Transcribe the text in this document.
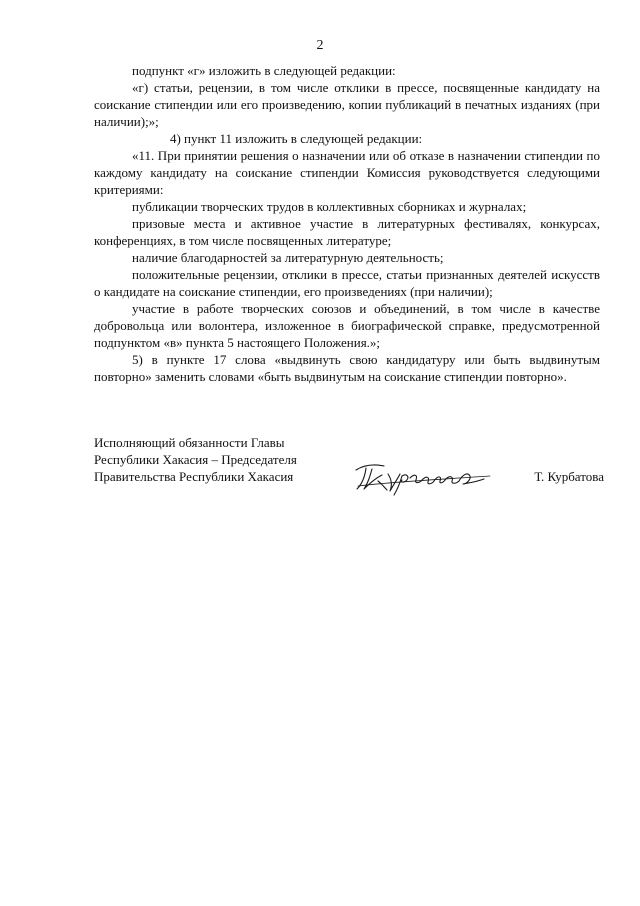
2

подпункт «г» изложить в следующей редакции:

«г) статьи, рецензии, в том числе отклики в прессе, посвященные кандидату на соискание стипендии или его произведению, копии публикаций в печатных изданиях (при наличии);»;

4) пункт 11 изложить в следующей редакции:

«11. При принятии решения о назначении или об отказе в назначении стипендии по каждому кандидату на соискание стипендии Комиссия руководствуется следующими критериями:

публикации творческих трудов в коллективных сборниках и журналах;

призовые места и активное участие в литературных фестивалях, конкурсах, конференциях, в том числе посвященных литературе;

наличие благодарностей за литературную деятельность;

положительные рецензии, отклики в прессе, статьи признанных деятелей искусств о кандидате на соискание стипендии, его произведениях (при наличии);

участие в работе творческих союзов и объединений, в том числе в качестве добровольца или волонтера, изложенное в биографической справке, предусмотренной подпунктом «в» пункта 5 настоящего Положения.»;

5) в пункте 17 слова «выдвинуть свою кандидатуру или быть выдвинутым повторно» заменить словами «быть выдвинутым на соискание стипендии повторно».

Исполняющий обязанности Главы
Республики Хакасия – Председателя
Правительства Республики Хакасия	Т. Курбатова
